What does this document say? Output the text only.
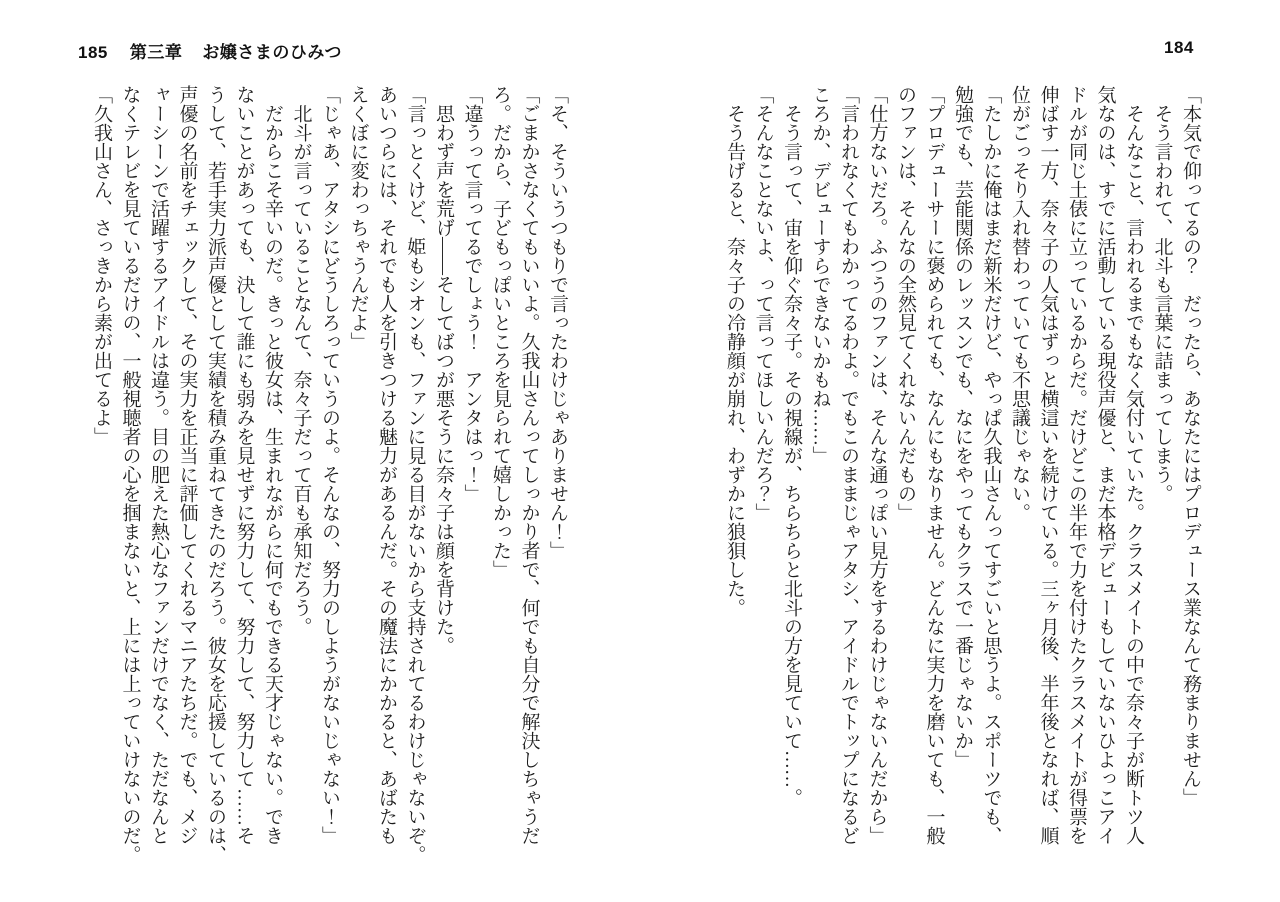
185 第三章 お嬢さまのひみつ	184

「本気で仰ってるの？　だったら、あなたにはプロデュース業なんて務まりません」

そう言われて、北斗も言葉に詰まってしまう。

そんなこと、言われるまでもなく気付いていた。クラスメイトの中で奈々子が断トツ人

気なのは、すでに活動している現役声優と、まだ本格デビューもしていないひよっこアイ

ドルが同じ土俵に立っているからだ。だけどこの半年で力を付けたクラスメイトが得票を

伸ばす一方、奈々子の人気はずっと横這いを続けている。三ヶ月後、半年後となれば、順

位がごっそり入れ替わっていても不思議じゃない。

「たしかに俺はまだ新米だけど、やっぱ久我山さんってすごいと思うよ。スポーツでも、

勉強でも、芸能関係のレッスンでも、なにをやってもクラスで一番じゃないか」

「プロデューサーに褒められても、なんにもなりません。どんなに実力を磨いても、一般

のファンは、そんなの全然見てくれないんだもの」

「仕方ないだろ。ふつうのファンは、そんな通っぽい見方をするわけじゃないんだから」

「言われなくてもわかってるわよ。でもこのままじゃアタシ、アイドルでトップになるど

ころか、デビューすらできないかもね……」

そう言って、宙を仰ぐ奈々子。その視線が、ちらちらと北斗の方を見ていて……。

「そんなことないよ、って言ってほしいんだろ？」

そう告げると、奈々子の冷静顔が崩れ、わずかに狼狽した。

「そ、そういうつもりで言ったわけじゃありません！」

「ごまかさなくてもいいよ。久我山さんってしっかり者で、何でも自分で解決しちゃうだ

ろ。だから、子どもっぽいところを見られて嬉しかった」

「違うって言ってるでしょう！　アンタはっ！」

思わず声を荒げ——そしてばつが悪そうに奈々子は顔を背けた。

「言っとくけど、姫もシオンも、ファンに見る目がないから支持されてるわけじゃないぞ。

あいつらには、それでも人を引きつける魅力があるんだ。その魔法にかかると、あばたも

えくぼに変わっちゃうんだよ」

「じゃあ、アタシにどうしろっていうのよ。そんなの、努力のしようがないじゃない！」

北斗が言っていることなんて、奈々子だって百も承知だろう。

だからこそ辛いのだ。きっと彼女は、生まれながらに何でもできる天才じゃない。でき

ないことがあっても、決して誰にも弱みを見せずに努力して、努力して、努力して……そ

うして、若手実力派声優として実績を積み重ねてきたのだろう。彼女を応援しているのは、

声優の名前をチェックして、その実力を正当に評価してくれるマニアたちだ。でも、メジ

ャーシーンで活躍するアイドルは違う。目の肥えた熱心なファンだけでなく、ただなんと

なくテレビを見ているだけの、一般視聴者の心を掴まないと、上には上っていけないのだ。

「久我山さん、さっきから素が出てるよ」
